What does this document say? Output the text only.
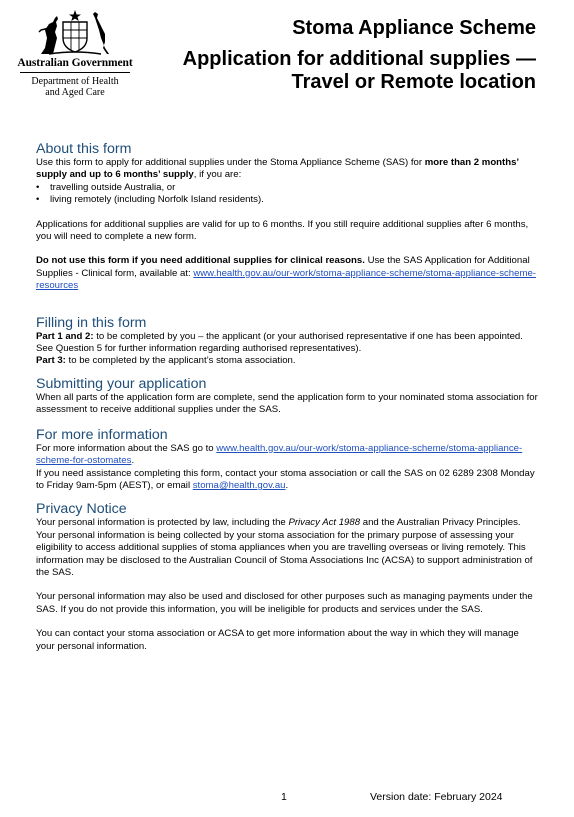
Australian Government
Department of Health
and Aged Care
Stoma Appliance Scheme
Application for additional supplies —
Travel or Remote location
About this form

Use this form to apply for additional supplies under the Stoma Appliance Scheme (SAS) for more than 2 months’ supply and up to 6 months’ supply, if you are:

• travelling outside Australia, or
• living remotely (including Norfolk Island residents).

Applications for additional supplies are valid for up to 6 months. If you still require additional supplies after 6 months, you will need to complete a new form.

Do not use this form if you need additional supplies for clinical reasons. Use the SAS Application for Additional Supplies - Clinical form, available at: www.health.gov.au/our-work/stoma-appliance-scheme/stoma-appliance-scheme-resources

Filling in this form

Part 1 and 2: to be completed by you – the applicant (or your authorised representative if one has been appointed. See Question 5 for further information regarding authorised representatives).

Part 3: to be completed by the applicant’s stoma association.

Submitting your application

When all parts of the application form are complete, send the application form to your nominated stoma association for assessment to receive additional supplies under the SAS.

For more information

For more information about the SAS go to www.health.gov.au/our-work/stoma-appliance-scheme/stoma-appliance-scheme-for-ostomates.

If you need assistance completing this form, contact your stoma association or call the SAS on 02 6289 2308 Monday to Friday 9am-5pm (AEST), or email stoma@health.gov.au.

Privacy Notice

Your personal information is protected by law, including the Privacy Act 1988 and the Australian Privacy Principles. Your personal information is being collected by your stoma association for the primary purpose of assessing your eligibility to access additional supplies of stoma appliances when you are travelling overseas or living remotely. This information may be disclosed to the Australian Council of Stoma Associations Inc (ACSA) to support administration of the SAS.

Your personal information may also be used and disclosed for other purposes such as managing payments under the SAS. If you do not provide this information, you will be ineligible for products and services under the SAS.

You can contact your stoma association or ACSA to get more information about the way in which they will manage your personal information.

1	Version date: February 2024
